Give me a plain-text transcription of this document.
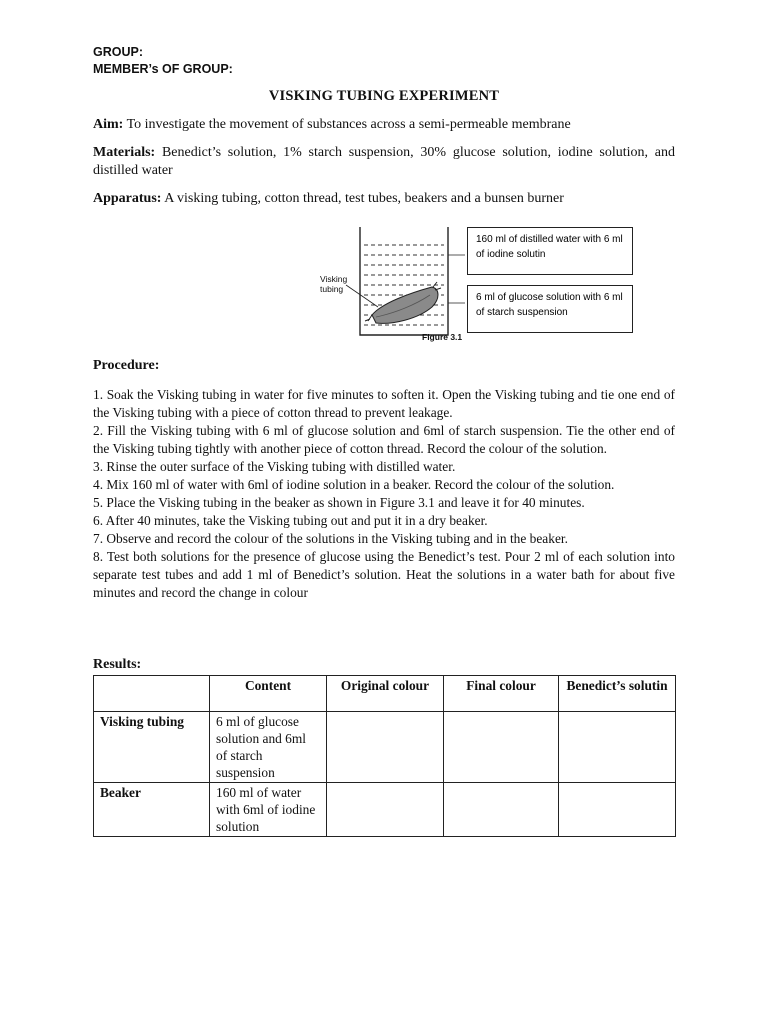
GROUP:
MEMBER’s OF GROUP:
VISKING TUBING EXPERIMENT
Aim: To investigate the movement of substances across a semi-permeable membrane
Materials: Benedict’s solution, 1% starch suspension, 30% glucose solution, iodine solution, and distilled water
Apparatus: A visking tubing, cotton thread, test tubes, beakers and a bunsen burner
Visking
tubing
Figure 3.1
160 ml of distilled water with 6 ml of iodine solutin
6 ml of glucose solution with 6 ml of starch suspension
Procedure:
1. Soak the Visking tubing in water for five minutes to soften it. Open the Visking tubing and tie one end of the Visking tubing with a piece of cotton thread to prevent leakage.
2. Fill the Visking tubing with 6 ml of glucose solution and 6ml of starch suspension. Tie the other end of the Visking tubing tightly with another piece of cotton thread. Record the colour of the solution.
3. Rinse the outer surface of the Visking tubing with distilled water.
4. Mix 160 ml of water with 6ml of iodine solution in a beaker. Record the colour of the solution.
5. Place the Visking tubing in the beaker as shown in Figure 3.1 and leave it for 40 minutes.
6. After 40 minutes, take the Visking tubing out and put it in a dry beaker.
7. Observe and record the colour of the solutions in the Visking tubing and in the beaker.
8. Test both solutions for the presence of glucose using the Benedict’s test. Pour 2 ml of each solution into separate test tubes and add 1 ml of Benedict’s solution. Heat the solutions in a water bath for about five minutes and record the change in colour
Results:
	Content	Original colour	Final colour	Benedict’s solutin
Visking tubing	6 ml of glucose solution and 6ml of starch suspension			
Beaker	160 ml of water with 6ml of iodine solution			
